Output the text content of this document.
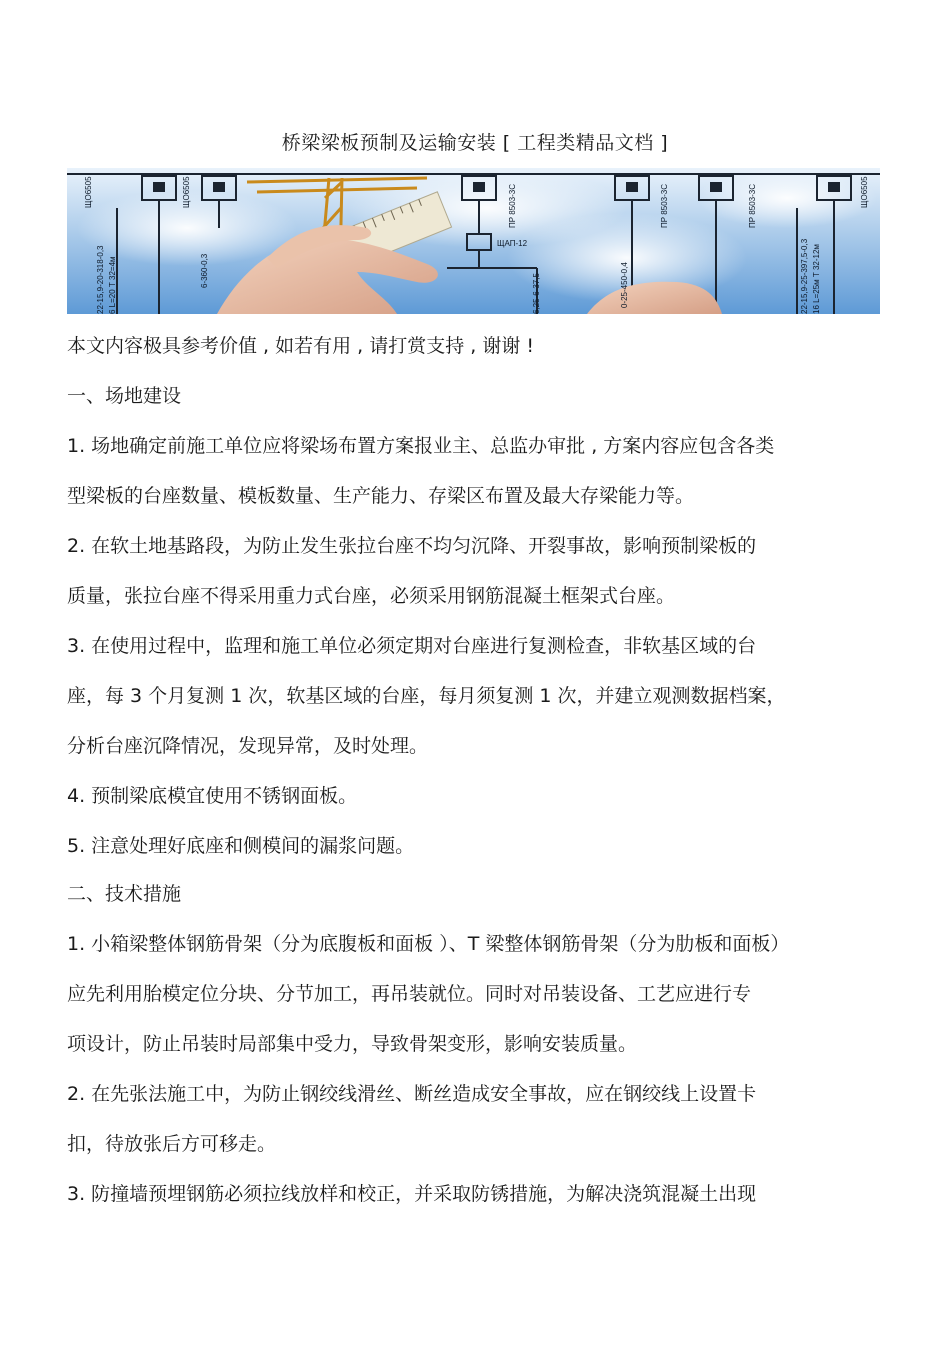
桥梁梁板预制及运输安装 [ 工程类精品文档 ]
ЩО6505	ЩО6505	ПР 8503-3С	ПР 8503-3С	ПР 8503-3С	ЩО6505
ЩАП-12
22-15,9-20-318-0,3 6 L=20 Т 32=4м	6-360-0,3	0-25-450-0,4	22-15,9-25-397,5-0,3 16 L=25м Т 32-12м
6,25-6-37,5
本文内容极具参考价值 , 如若有用 , 请打赏支持 , 谢谢 !
一、场地建设
1. 场地确定前施工单位应将梁场布置方案报业主、总监办审批 , 方案内容应包含各类
型梁板的台座数量、模板数量、生产能力、存梁区布置及最大存梁能力等。
2. 在软土地基路段，为防止发生张拉台座不均匀沉降、开裂事故，影响预制梁板的
质量，张拉台座不得采用重力式台座，必须采用钢筋混凝土框架式台座。
3. 在使用过程中，监理和施工单位必须定期对台座进行复测检查，非软基区域的台
座，每 3 个月复测 1 次，软基区域的台座，每月须复测 1 次，并建立观测数据档案，
分析台座沉降情况，发现异常，及时处理。
4. 预制梁底模宜使用不锈钢面板。
5. 注意处理好底座和侧模间的漏浆问题。
二、技术措施
1. 小箱梁整体钢筋骨架（分为底腹板和面板 ）、T 梁整体钢筋骨架（分为肋板和面板）
应先利用胎模定位分块、分节加工，再吊装就位。同时对吊装设备、工艺应进行专
项设计，防止吊装时局部集中受力，导致骨架变形，影响安装质量。
2. 在先张法施工中，为防止钢绞线滑丝、断丝造成安全事故，应在钢绞线上设置卡
扣，待放张后方可移走。
3. 防撞墙预埋钢筋必须拉线放样和校正，并采取防锈措施，为解决浇筑混凝土出现
